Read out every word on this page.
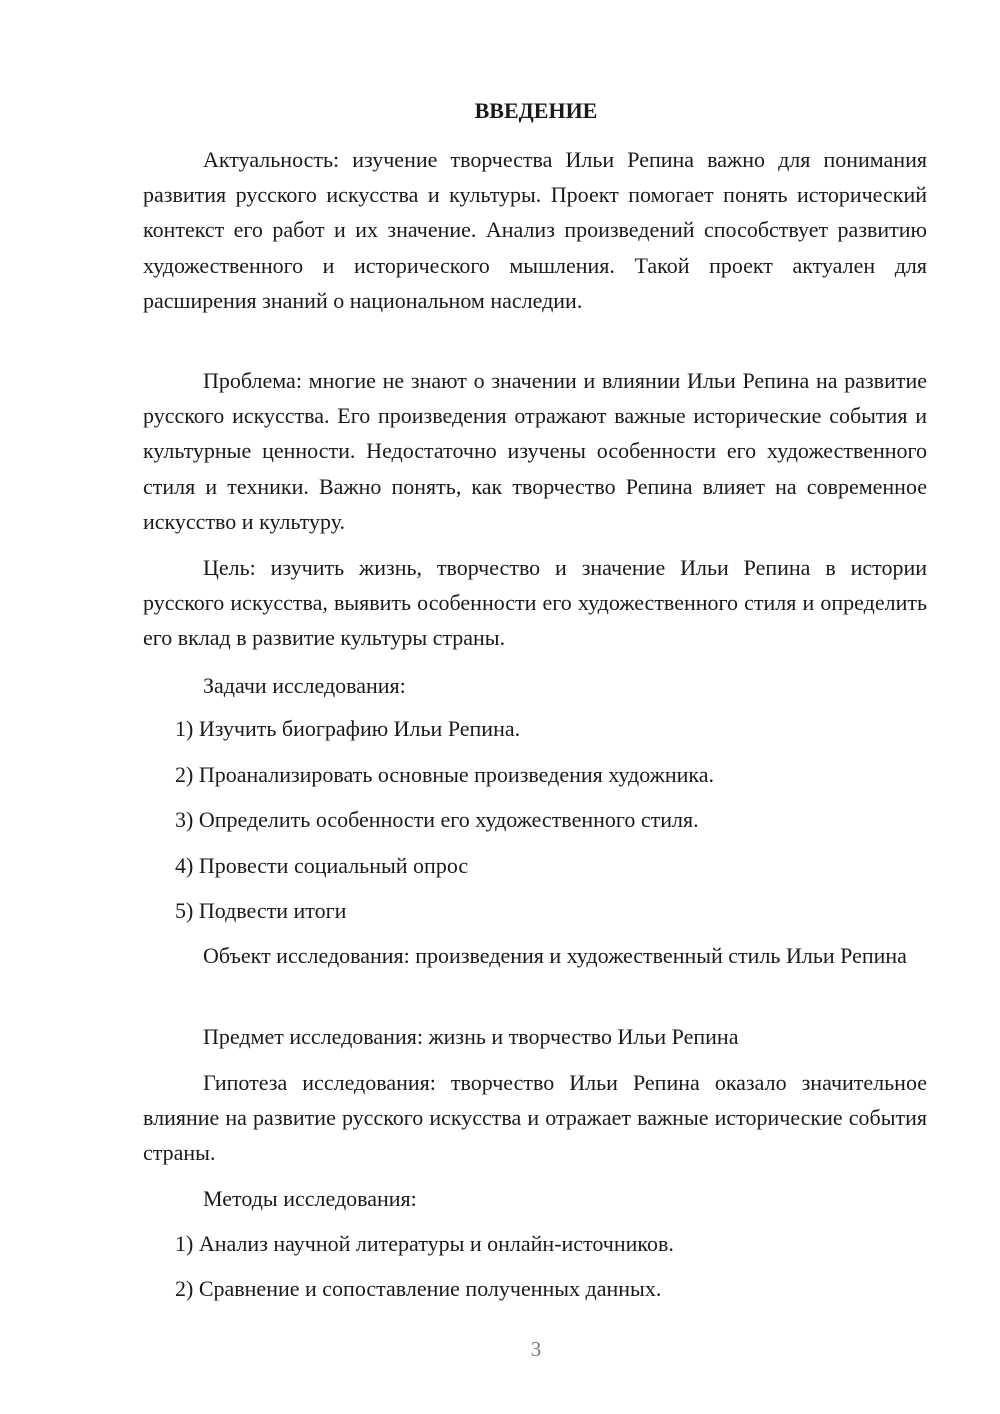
ВВЕДЕНИЕ

Актуальность: изучение творчества Ильи Репина важно для понимания развития русского искусства и культуры. Проект помогает понять исторический контекст его работ и их значение. Анализ произведений способствует развитию художественного и исторического мышления. Такой проект актуален для расширения знаний о национальном наследии.

Проблема: многие не знают о значении и влиянии Ильи Репина на развитие русского искусства. Его произведения отражают важные исторические события и культурные ценности. Недостаточно изучены особенности его художественного стиля и техники. Важно понять, как творчество Репина влияет на современное искусство и культуру.

Цель: изучить жизнь, творчество и значение Ильи Репина в истории русского искусства, выявить особенности его художественного стиля и определить его вклад в развитие культуры страны.

Задачи исследования:

1) Изучить биографию Ильи Репина.

2) Проанализировать основные произведения художника.

3) Определить особенности его художественного стиля.

4) Провести социальный опрос

5) Подвести итоги

Объект исследования: произведения и художественный стиль Ильи Репина

Предмет исследования: жизнь и творчество Ильи Репина

Гипотеза исследования: творчество Ильи Репина оказало значительное влияние на развитие русского искусства и отражает важные исторические события страны.

Методы исследования:

1) Анализ научной литературы и онлайн-источников.

2) Сравнение и сопоставление полученных данных.

3
